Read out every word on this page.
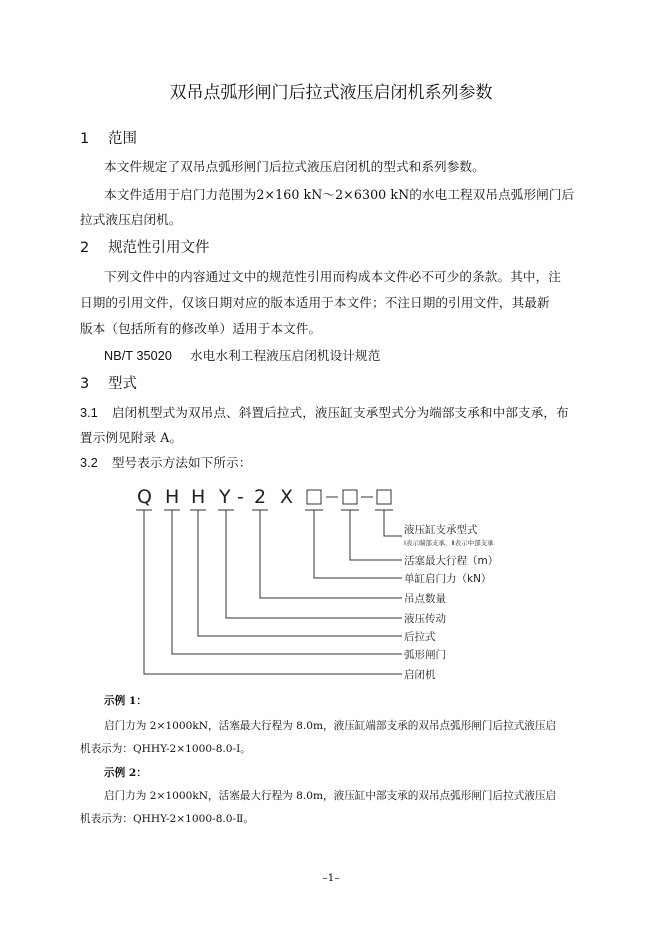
双吊点弧形闸门后拉式液压启闭机系列参数
1 范围
本文件规定了双吊点弧形闸门后拉式液压启闭机的型式和系列参数。
本文件适用于启门力范围为2×160 kN～2×6300 kN的水电工程双吊点弧形闸门后
拉式液压启闭机。
2 规范性引用文件
下列文件中的内容通过文中的规范性引用而构成本文件必不可少的条款。其中，注
日期的引用文件，仅该日期对应的版本适用于本文件；不注日期的引用文件，其最新
版本（包括所有的修改单）适用于本文件。
NB/T 35020 水电水利工程液压启闭机设计规范
3 型式
3.1 启闭机型式为双吊点、斜置后拉式，液压缸支承型式分为端部支承和中部支承，布
置示例见附录 A。
3.2 型号表示方法如下所示：
Q H H Y - 2 X
液压缸支承型式
Ⅰ表示端部支承，Ⅱ表示中部支承
活塞最大行程（m）
单缸启门力（kN）
吊点数量
液压传动
后拉式
弧形闸门
启闭机
示例 1：
启门力为 2×1000kN，活塞最大行程为 8.0m，液压缸端部支承的双吊点弧形闸门后拉式液压启
机表示为：QHHY-2×1000-8.0-Ⅰ。
示例 2：
启门力为 2×1000kN，活塞最大行程为 8.0m，液压缸中部支承的双吊点弧形闸门后拉式液压启
机表示为：QHHY-2×1000-8.0-Ⅱ。
–1–
